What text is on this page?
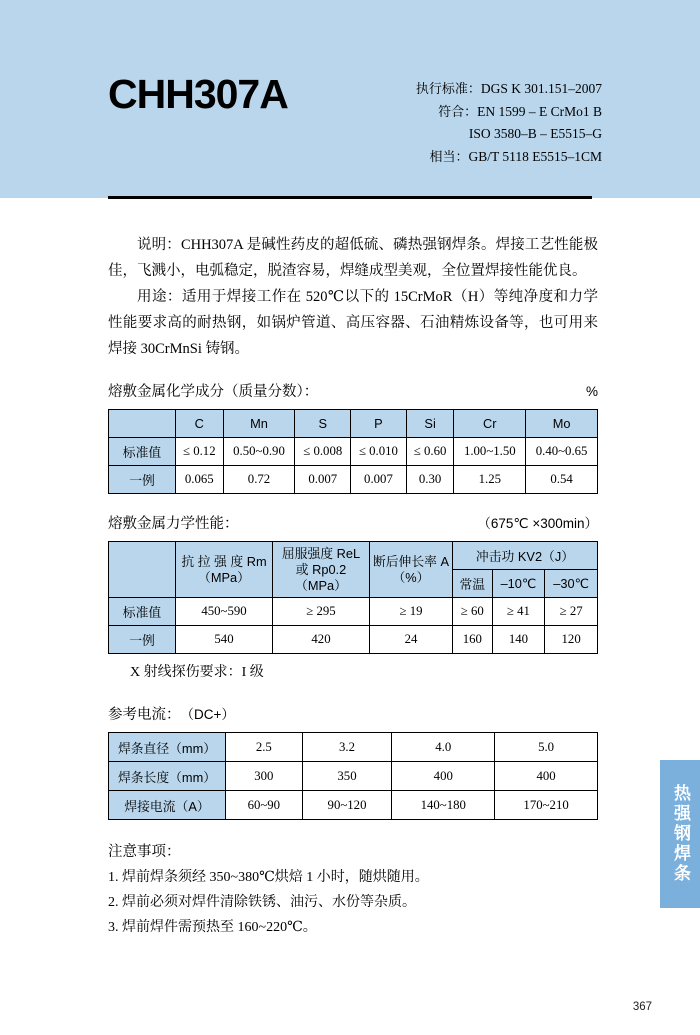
CHH307A	执行标准：DGS K 301.151–2007
符合：EN 1599 – E CrMo1 B
ISO 3580–B – E5515–G
相当：GB/T 5118 E5515–1CM

说明：CHH307A 是碱性药皮的超低硫、磷热强钢焊条。焊接工艺性能极佳，飞溅小，电弧稳定，脱渣容易，焊缝成型美观，全位置焊接性能优良。

用途：适用于焊接工作在 520℃以下的 15CrMoR（H）等纯净度和力学性能要求高的耐热钢，如锅炉管道、高压容器、石油精炼设备等，也可用来焊接 30CrMnSi 铸钢。

熔敷金属化学成分（质量分数）：	%
	C	Mn	S	P	Si	Cr	Mo
标准值	≤ 0.12	0.50~0.90	≤ 0.008	≤ 0.010	≤ 0.60	1.00~1.50	0.40~0.65
一例	0.065	0.72	0.007	0.007	0.30	1.25	0.54
熔敷金属力学性能：	（675℃ ×300min）
	抗 拉 强 度 Rm（MPa）	屈服强度 ReL 或 Rp0.2（MPa）	断后伸长率 A（%）	冲击功 KV2（J）		
				常温	–10℃	–30℃
标准值	450~590	≥ 295	≥ 19	≥ 60	≥ 41	≥ 27
一例	540	420	24	160	140	120
X 射线探伤要求：I 级
参考电流： （DC+）
焊条直径（mm）	2.5	3.2	4.0	5.0
焊条长度（mm）	300	350	400	400
焊接电流（A）	60~90	90~120	140~180	170~210
注意事项：
1. 焊前焊条须经 350~380℃烘焙 1 小时，随烘随用。
2. 焊前必须对焊件清除铁锈、油污、水份等杂质。
3. 焊前焊件需预热至 160~220℃。
热强钢焊条
367
